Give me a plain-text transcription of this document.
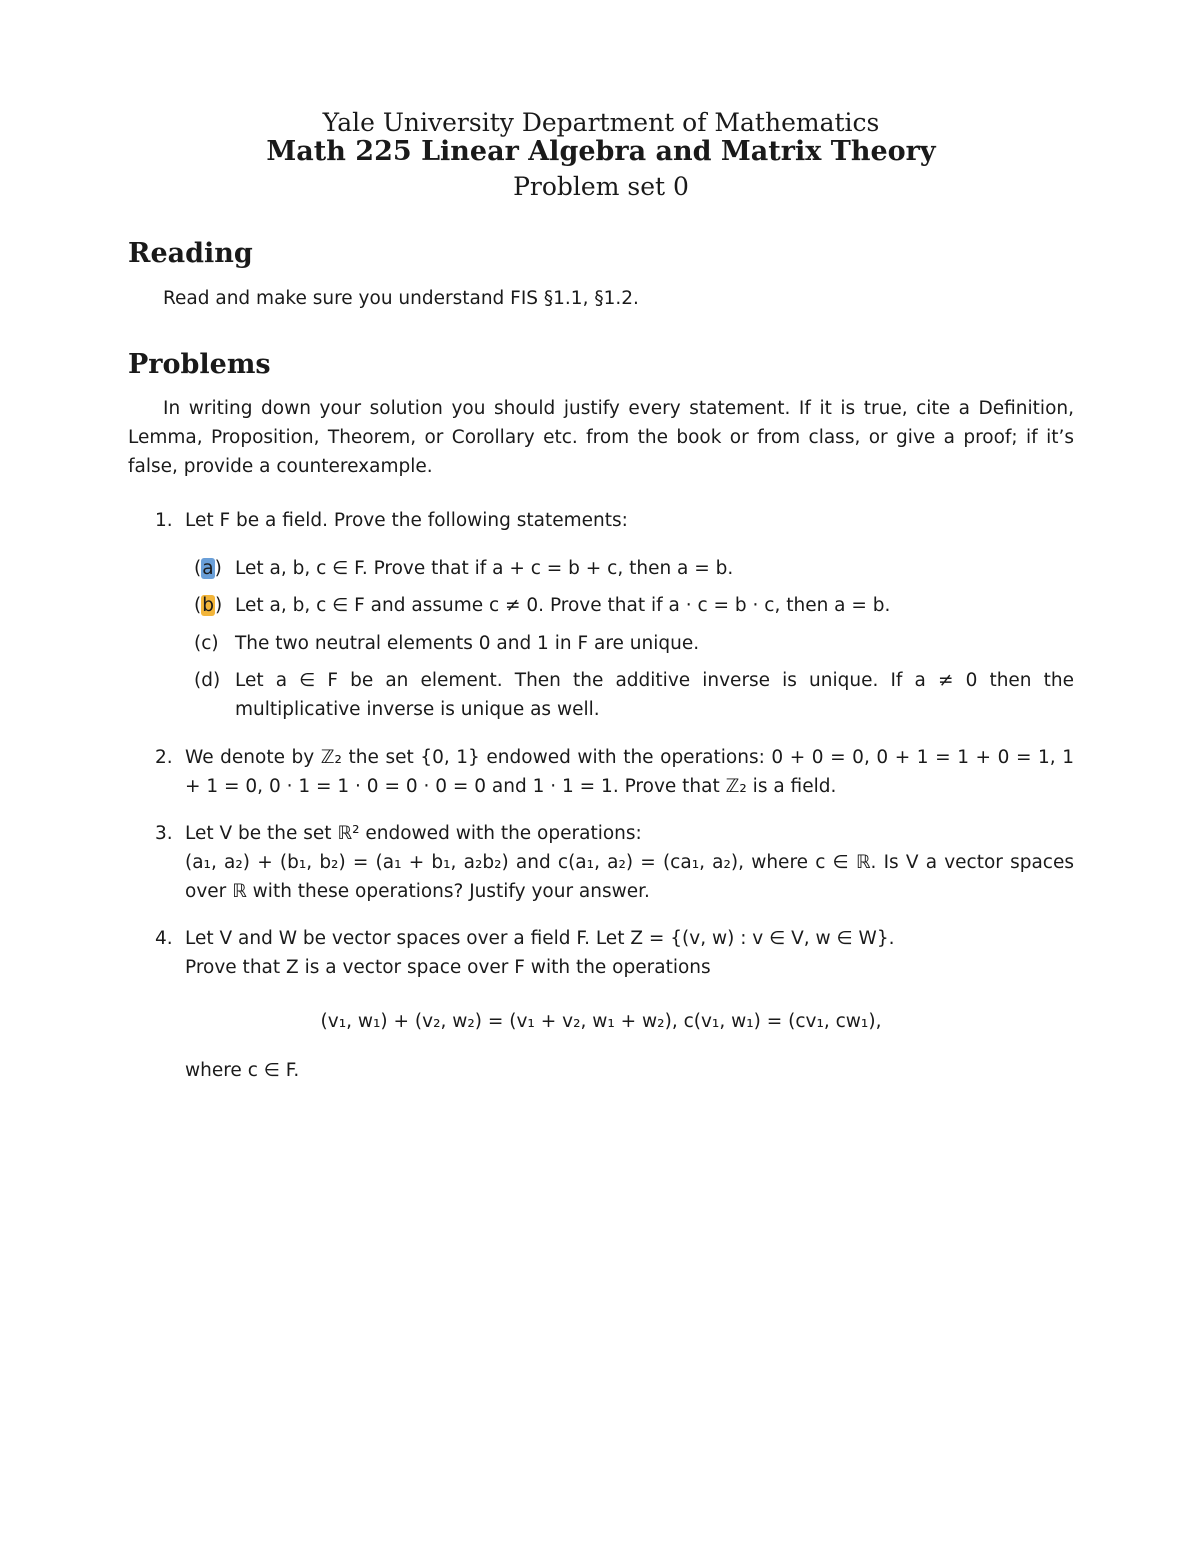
Yale University Department of Mathematics
Math 225 Linear Algebra and Matrix Theory
Problem set 0
Reading
Read and make sure you understand FIS §1.1, §1.2.
Problems
In writing down your solution you should justify every statement. If it is true, cite a Definition, Lemma, Proposition, Theorem, or Corollary etc. from the book or from class, or give a proof; if it’s false, provide a counterexample.
1. Let F be a field. Prove the following statements:
(a) Let a, b, c ∈ F. Prove that if a + c = b + c, then a = b.
(b) Let a, b, c ∈ F and assume c ≠ 0. Prove that if a · c = b · c, then a = b.
(c) The two neutral elements 0 and 1 in F are unique.
(d) Let a ∈ F be an element. Then the additive inverse is unique. If a ≠ 0 then the multiplicative inverse is unique as well.
2. We denote by ℤ₂ the set {0, 1} endowed with the operations: 0 + 0 = 0, 0 + 1 = 1 + 0 = 1, 1 + 1 = 0, 0 · 1 = 1 · 0 = 0 · 0 = 0 and 1 · 1 = 1. Prove that ℤ₂ is a field.
3. Let V be the set ℝ² endowed with the operations:
(a₁, a₂) + (b₁, b₂) = (a₁ + b₁, a₂b₂) and c(a₁, a₂) = (ca₁, a₂), where c ∈ ℝ. Is V a vector spaces over ℝ with these operations? Justify your answer.
4. Let V and W be vector spaces over a field F. Let Z = {(v, w) : v ∈ V, w ∈ W}.
Prove that Z is a vector space over F with the operations
(v₁, w₁) + (v₂, w₂) = (v₁ + v₂, w₁ + w₂), c(v₁, w₁) = (cv₁, cw₁),
where c ∈ F.
